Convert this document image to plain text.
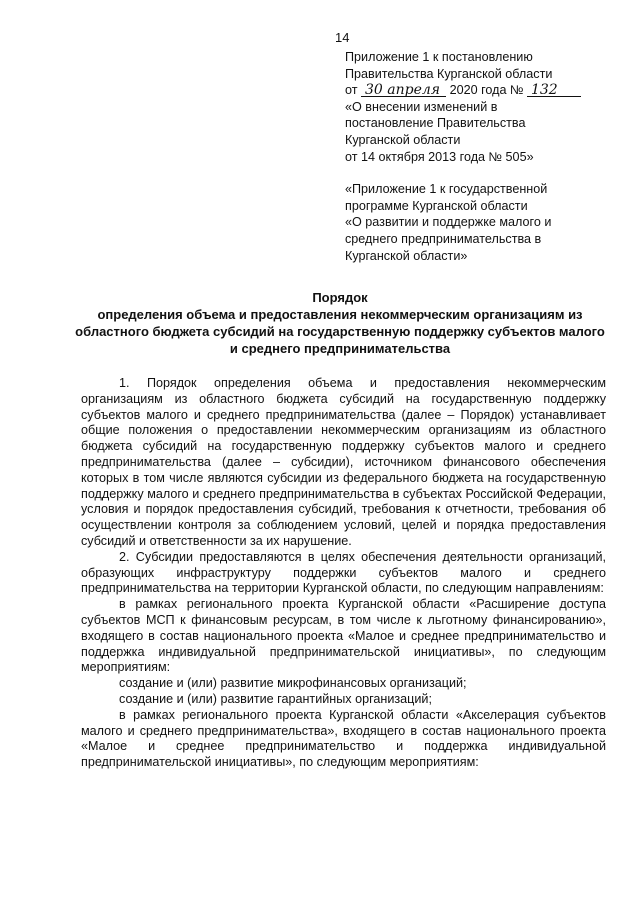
14
Приложение 1 к постановлению
Правительства Курганской области
от 30 апреля 2020 года № 132
«О внесении изменений в
постановление Правительства
Курганской области
от 14 октября 2013 года № 505»
«Приложение 1 к государственной
программе Курганской области
«О развитии и поддержке малого и
среднего предпринимательства в
Курганской области»
Порядок
определения объема и предоставления некоммерческим организациям из областного бюджета субсидий на государственную поддержку субъектов малого и среднего предпринимательства

1. Порядок определения объема и предоставления некоммерческим организациям из областного бюджета субсидий на государственную поддержку субъектов малого и среднего предпринимательства (далее – Порядок) устанавливает общие положения о предоставлении некоммерческим организациям из областного бюджета субсидий на государственную поддержку субъектов малого и среднего предпринимательства (далее – субсидии), источником финансового обеспечения которых в том числе являются субсидии из федерального бюджета на государственную поддержку малого и среднего предпринимательства в субъектах Российской Федерации, условия и порядок предоставления субсидий, требования к отчетности, требования об осуществлении контроля за соблюдением условий, целей и порядка предоставления субсидий и ответственности за их нарушение.

2. Субсидии предоставляются в целях обеспечения деятельности организаций, образующих инфраструктуру поддержки субъектов малого и среднего предпринимательства на территории Курганской области, по следующим направлениям:

в рамках регионального проекта Курганской области «Расширение доступа субъектов МСП к финансовым ресурсам, в том числе к льготному финансированию», входящего в состав национального проекта «Малое и среднее предпринимательство и поддержка индивидуальной предпринимательской инициативы», по следующим мероприятиям:

создание и (или) развитие микрофинансовых организаций;

создание и (или) развитие гарантийных организаций;

в рамках регионального проекта Курганской области «Акселерация субъектов малого и среднего предпринимательства», входящего в состав национального проекта «Малое и среднее предпринимательство и поддержка индивидуальной предпринимательской инициативы», по следующим мероприятиям:
